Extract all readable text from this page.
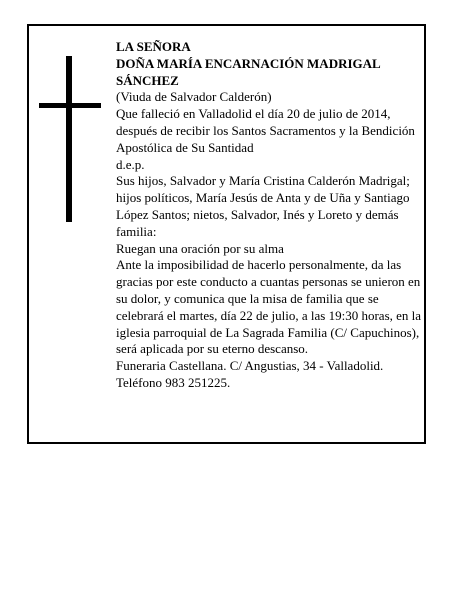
LA SEÑORA

DOÑA MARÍA ENCARNACIÓN MADRIGAL SÁNCHEZ

(Viuda de Salvador Calderón)

Que falleció en Valladolid el día 20 de julio de 2014, después de recibir los Santos Sacramentos y la Bendición Apostólica de Su Santidad

d.e.p.

Sus hijos, Salvador y María Cristina Calderón Madrigal; hijos políticos, María Jesús de Anta y de Uña y Santiago López Santos; nietos, Salvador, Inés y Loreto y demás familia:

Ruegan una oración por su alma

Ante la imposibilidad de hacerlo personalmente, da las gracias por este conducto a cuantas personas se unieron en su dolor, y comunica que la misa de familia que se celebrará el martes, día 22 de julio, a las 19:30 horas, en la iglesia parroquial de La Sagrada Familia (C/ Capuchinos), será aplicada por su eterno descanso.

Funeraria Castellana. C/ Angustias, 34 - Valladolid. Teléfono 983 251225.
